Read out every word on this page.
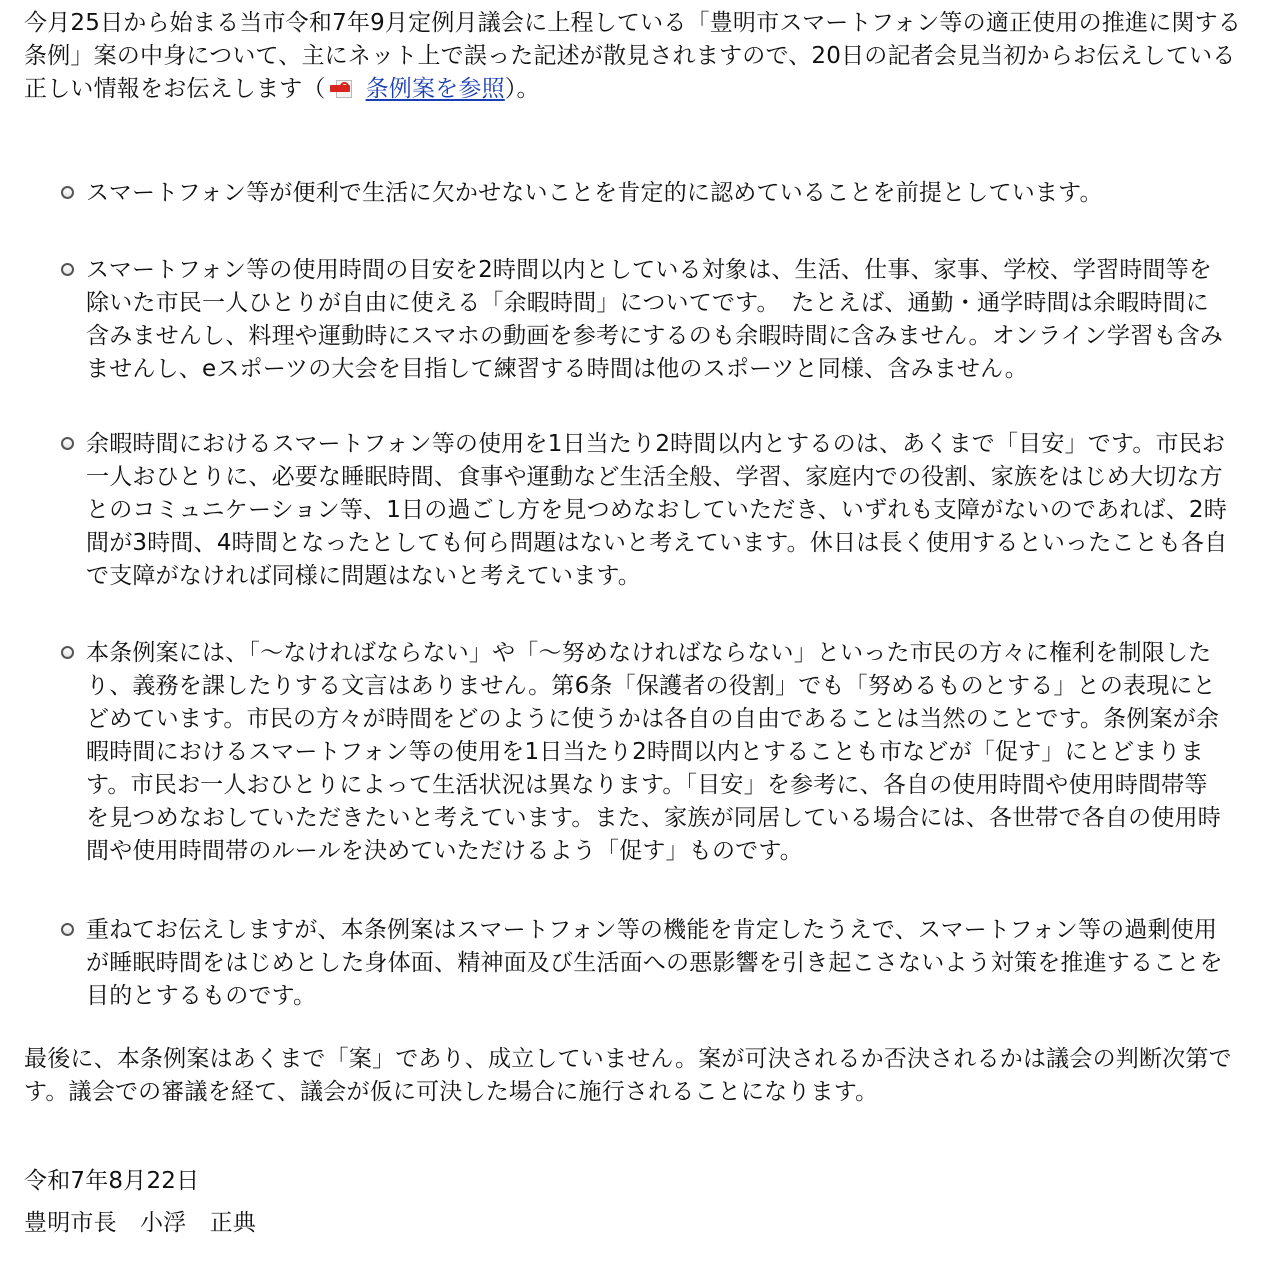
今月25日から始まる当市令和7年9月定例月議会に上程している「豊明市スマートフォン等の適正使用の推進に関する条例」案の中身について、主にネット上で誤った記述が散見されますので、20日の記者会見当初からお伝えしている正しい情報をお伝えします（ 条例案を参照）。

スマートフォン等が便利で生活に欠かせないことを肯定的に認めていることを前提としています。

スマートフォン等の使用時間の目安を2時間以内としている対象は、生活、仕事、家事、学校、学習時間等を除いた市民一人ひとりが自由に使える「余暇時間」についてです。　たとえば、通勤・通学時間は余暇時間に含みませんし、料理や運動時にスマホの動画を参考にするのも余暇時間に含みません。オンライン学習も含みませんし、eスポーツの大会を目指して練習する時間は他のスポーツと同様、含みません。

余暇時間におけるスマートフォン等の使用を1日当たり2時間以内とするのは、あくまで「目安」です。市民お一人おひとりに、必要な睡眠時間、食事や運動など生活全般、学習、家庭内での役割、家族をはじめ大切な方とのコミュニケーション等、1日の過ごし方を見つめなおしていただき、いずれも支障がないのであれば、2時間が3時間、4時間となったとしても何ら問題はないと考えています。休日は長く使用するといったことも各自で支障がなければ同様に問題はないと考えています。

本条例案には、「～なければならない」や「～努めなければならない」といった市民の方々に権利を制限したり、義務を課したりする文言はありません。第6条「保護者の役割」でも「努めるものとする」との表現にとどめています。市民の方々が時間をどのように使うかは各自の自由であることは当然のことです。条例案が余暇時間におけるスマートフォン等の使用を1日当たり2時間以内とすることも市などが「促す」にとどまります。市民お一人おひとりによって生活状況は異なります。「目安」を参考に、各自の使用時間や使用時間帯等を見つめなおしていただきたいと考えています。また、家族が同居している場合には、各世帯で各自の使用時間や使用時間帯のルールを決めていただけるよう「促す」ものです。

重ねてお伝えしますが、本条例案はスマートフォン等の機能を肯定したうえで、スマートフォン等の過剰使用が睡眠時間をはじめとした身体面、精神面及び生活面への悪影響を引き起こさないよう対策を推進することを目的とするものです。

最後に、本条例案はあくまで「案」であり、成立していません。案が可決されるか否決されるかは議会の判断次第です。議会での審議を経て、議会が仮に可決した場合に施行されることになります。

令和7年8月22日

豊明市長　小浮　正典
